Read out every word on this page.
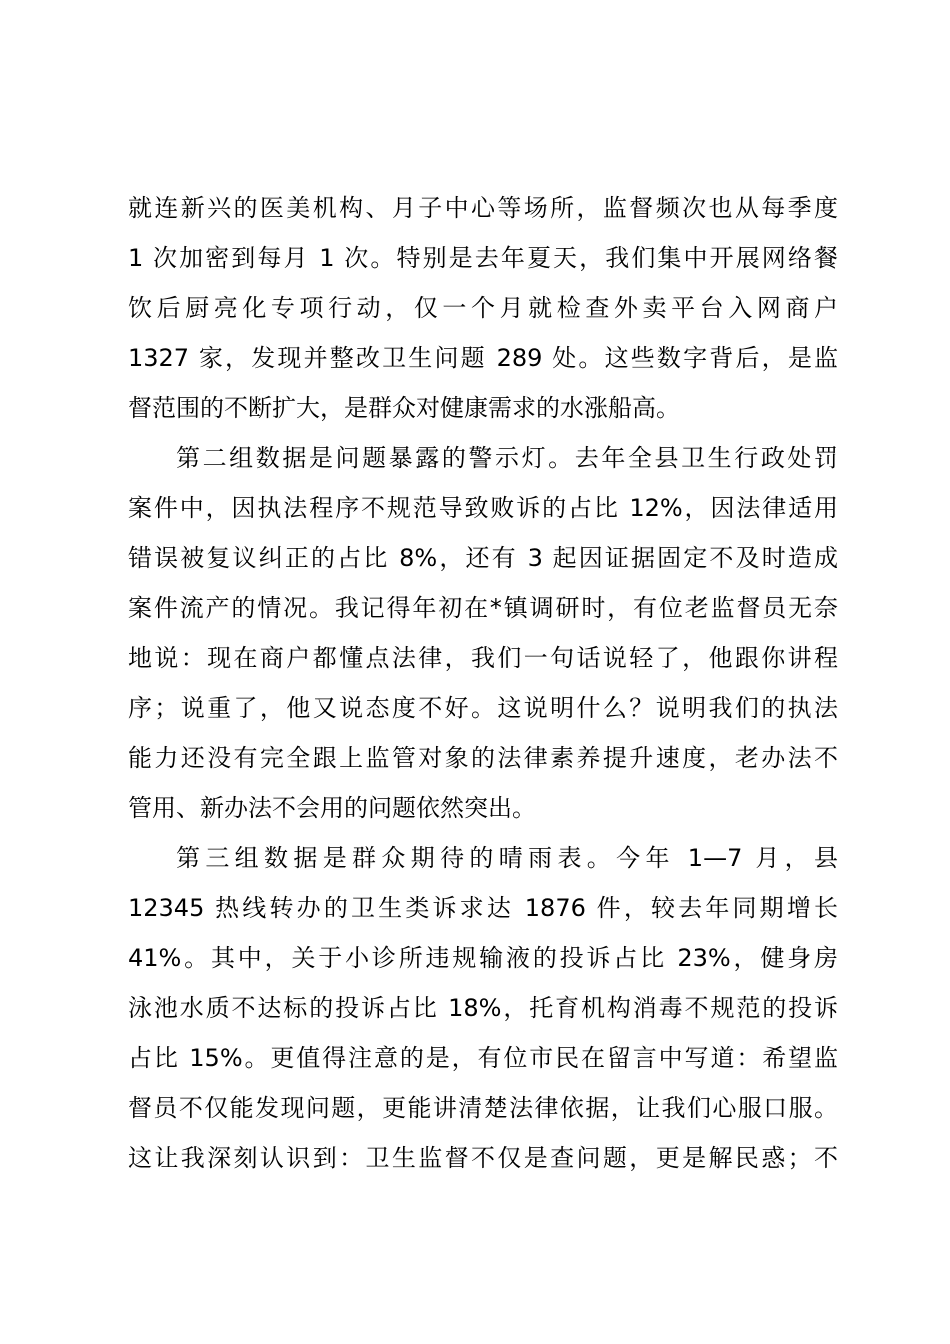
就连新兴的医美机构、月子中心等场所，监督频次也从每季度
1 次加密到每月 1 次。特别是去年夏天，我们集中开展网络餐
饮后厨亮化专项行动，仅一个月就检查外卖平台入网商户
1327 家，发现并整改卫生问题 289 处。这些数字背后，是监
督范围的不断扩大，是群众对健康需求的水涨船高。
第二组数据是问题暴露的警示灯。去年全县卫生行政处罚
案件中，因执法程序不规范导致败诉的占比 12%，因法律适用
错误被复议纠正的占比 8%，还有 3 起因证据固定不及时造成
案件流产的情况。我记得年初在*镇调研时，有位老监督员无奈
地说：现在商户都懂点法律，我们一句话说轻了，他跟你讲程
序；说重了，他又说态度不好。这说明什么？说明我们的执法
能力还没有完全跟上监管对象的法律素养提升速度，老办法不
管用、新办法不会用的问题依然突出。
第三组数据是群众期待的晴雨表。今年 1—7 月，县
12345 热线转办的卫生类诉求达 1876 件，较去年同期增长
41%。其中，关于小诊所违规输液的投诉占比 23%，健身房
泳池水质不达标的投诉占比 18%，托育机构消毒不规范的投诉
占比 15%。更值得注意的是，有位市民在留言中写道：希望监
督员不仅能发现问题，更能讲清楚法律依据，让我们心服口服。
这让我深刻认识到：卫生监督不仅是查问题，更是解民惑；不
